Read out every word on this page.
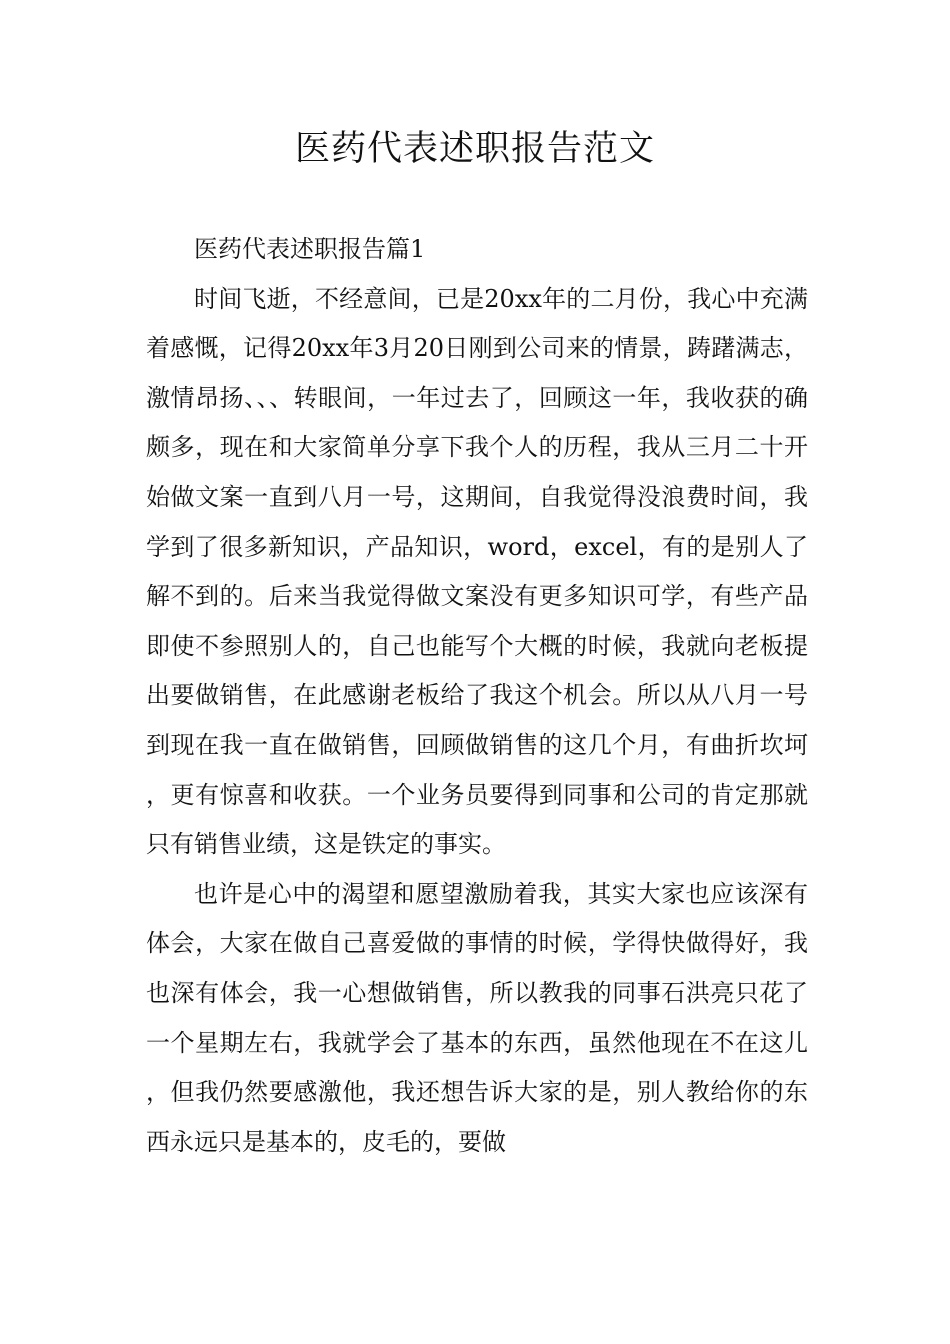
医药代表述职报告范文

医药代表述职报告篇1

时间飞逝，不经意间，已是20xx年的二月份，我心中充满着感慨，记得20xx年3月20日刚到公司来的情景，踌躇满志，激情昂扬、、、转眼间，一年过去了，回顾这一年，我收获的确颇多，现在和大家简单分享下我个人的历程，我从三月二十开始做文案一直到八月一号，这期间，自我觉得没浪费时间，我学到了很多新知识，产品知识，word，excel，有的是别人了解不到的。后来当我觉得做文案没有更多知识可学，有些产品即使不参照别人的，自己也能写个大概的时候，我就向老板提出要做销售，在此感谢老板给了我这个机会。所以从八月一号到现在我一直在做销售，回顾做销售的这几个月，有曲折坎坷，更有惊喜和收获。一个业务员要得到同事和公司的肯定那就只有销售业绩，这是铁定的事实。

也许是心中的渴望和愿望激励着我，其实大家也应该深有体会，大家在做自己喜爱做的事情的时候，学得快做得好，我也深有体会，我一心想做销售，所以教我的同事石洪亮只花了一个星期左右，我就学会了基本的东西，虽然他现在不在这儿，但我仍然要感激他，我还想告诉大家的是，别人教给你的东西永远只是基本的，皮毛的，要做
